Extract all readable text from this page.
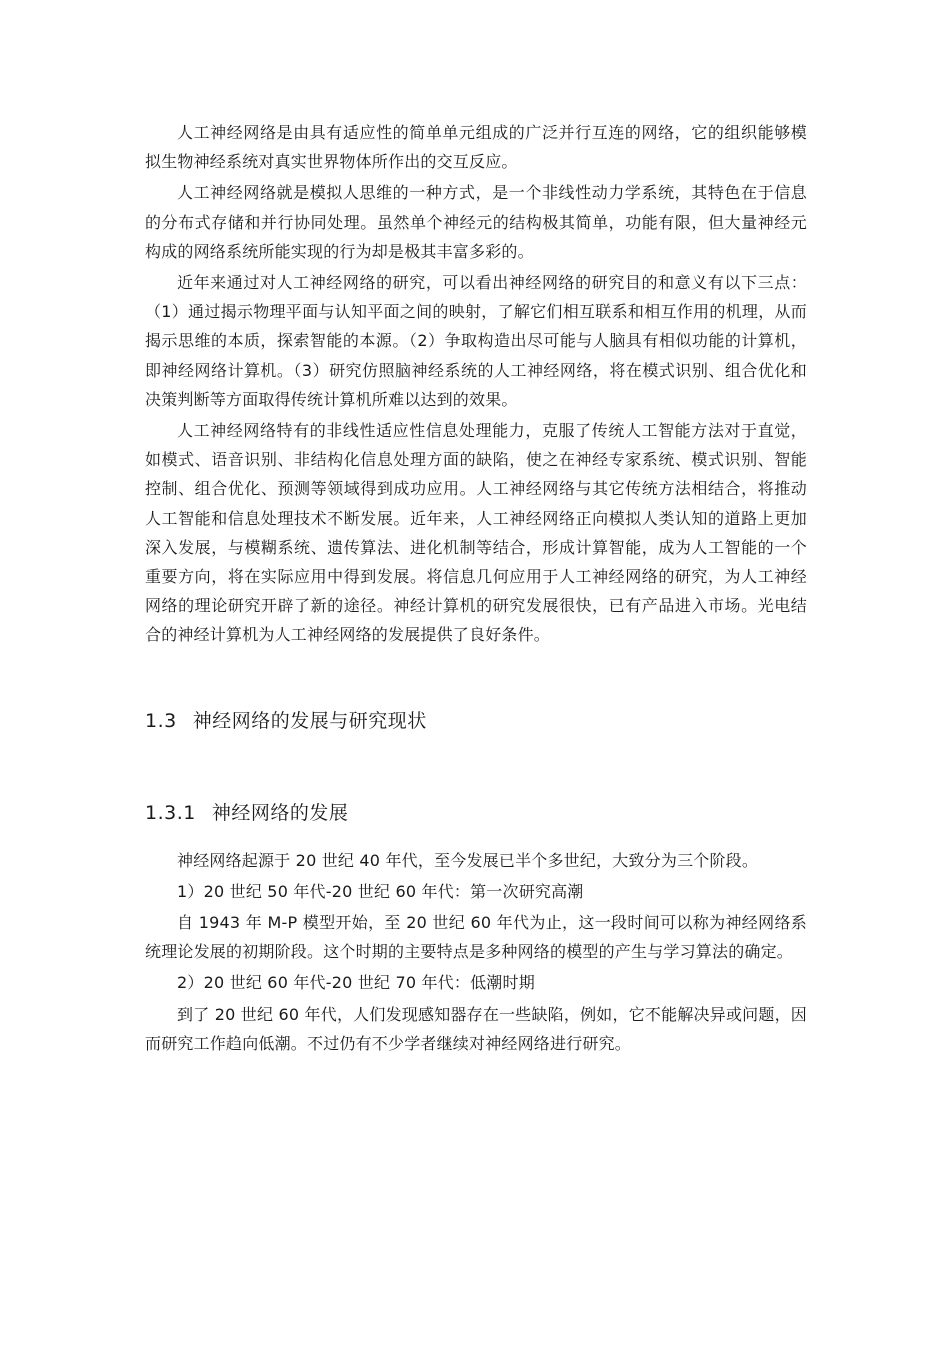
人工神经网络是由具有适应性的简单单元组成的广泛并行互连的网络，它的组织能够模拟生物神经系统对真实世界物体所作出的交互反应。

人工神经网络就是模拟人思维的一种方式，是一个非线性动力学系统，其特色在于信息的分布式存储和并行协同处理。虽然单个神经元的结构极其简单，功能有限，但大量神经元构成的网络系统所能实现的行为却是极其丰富多彩的。

近年来通过对人工神经网络的研究，可以看出神经网络的研究目的和意义有以下三点：（1）通过揭示物理平面与认知平面之间的映射，了解它们相互联系和相互作用的机理，从而揭示思维的本质，探索智能的本源。（2）争取构造出尽可能与人脑具有相似功能的计算机，即神经网络计算机。（3）研究仿照脑神经系统的人工神经网络，将在模式识别、组合优化和决策判断等方面取得传统计算机所难以达到的效果。

人工神经网络特有的非线性适应性信息处理能力，克服了传统人工智能方法对于直觉，如模式、语音识别、非结构化信息处理方面的缺陷，使之在神经专家系统、模式识别、智能控制、组合优化、预测等领域得到成功应用。人工神经网络与其它传统方法相结合，将推动人工智能和信息处理技术不断发展。近年来，人工神经网络正向模拟人类认知的道路上更加深入发展，与模糊系统、遗传算法、进化机制等结合，形成计算智能，成为人工智能的一个重要方向，将在实际应用中得到发展。将信息几何应用于人工神经网络的研究，为人工神经网络的理论研究开辟了新的途径。神经计算机的研究发展很快，已有产品进入市场。光电结合的神经计算机为人工神经网络的发展提供了良好条件。

1.3 神经网络的发展与研究现状
1.3.1 神经网络的发展

神经网络起源于 20 世纪 40 年代，至今发展已半个多世纪，大致分为三个阶段。

1）20 世纪 50 年代-20 世纪 60 年代：第一次研究高潮

自 1943 年 M-P 模型开始，至 20 世纪 60 年代为止，这一段时间可以称为神经网络系统理论发展的初期阶段。这个时期的主要特点是多种网络的模型的产生与学习算法的确定。

2）20 世纪 60 年代-20 世纪 70 年代：低潮时期

到了 20 世纪 60 年代，人们发现感知器存在一些缺陷，例如，它不能解决异或问题，因而研究工作趋向低潮。不过仍有不少学者继续对神经网络进行研究。
